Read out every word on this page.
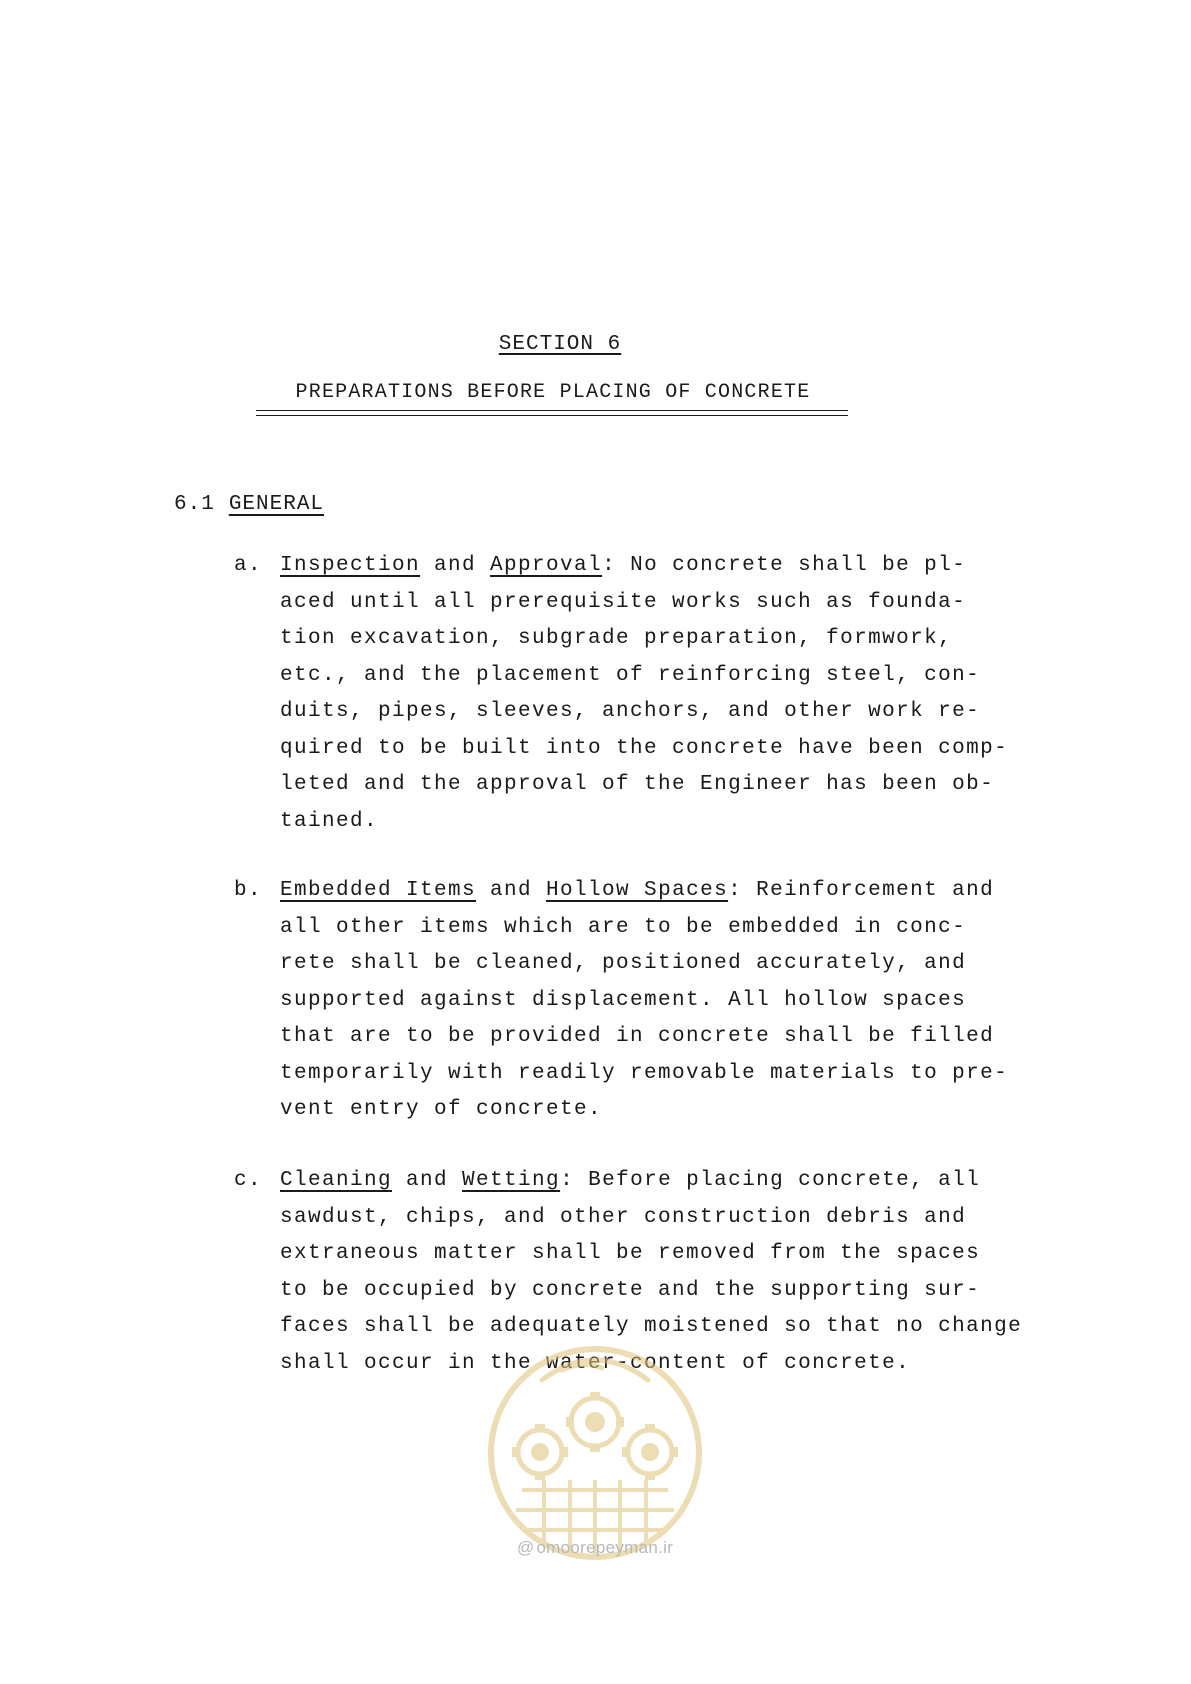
SECTION 6
PREPARATIONS BEFORE PLACING OF CONCRETE
6.1 GENERAL
a. Inspection and Approval: No concrete shall be pl-
aced until all prerequisite works such as founda-
tion excavation, subgrade preparation, formwork,
etc., and the placement of reinforcing steel, con-
duits, pipes, sleeves, anchors, and other work re-
quired to be built into the concrete have been comp-
leted and the approval of the Engineer has been ob-
tained.
b. Embedded Items and Hollow Spaces: Reinforcement and
all other items which are to be embedded in conc-
rete shall be cleaned, positioned accurately, and
supported against displacement. All hollow spaces
that are to be provided in concrete shall be filled
temporarily with readily removable materials to pre-
vent entry of concrete.
c. Cleaning and Wetting: Before placing concrete, all
sawdust, chips, and other construction debris and
extraneous matter shall be removed from the spaces
to be occupied by concrete and the supporting sur-
faces shall be adequately moistened so that no change
shall occur in the water-content of concrete.
@ omoorepeyman.ir
